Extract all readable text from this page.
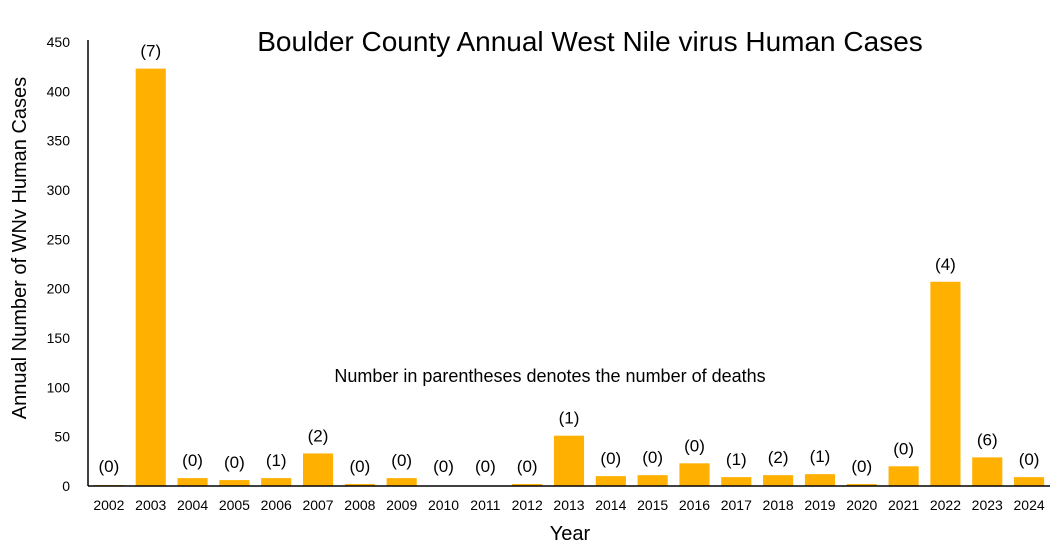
0
50
100
150
200
250
300
350
400
450
(0)
(7)
(0) (0) (1)
(2)
(0) (0) (0) (0) (0)
(1)
(0) (0)
(0)
(1) (2) (1)
(0)
(0)
(4)
(6)
(0)
2002 2003 2004 2005 2006 2007 2008 2009 2010 2011 2012 2013 2014 2015 2016 2017 2018 2019 2020 2021 2022 2023 2024
Boulder County Annual West Nile virus Human Cases
Number in parentheses denotes the number of deaths
Annual Number of WNv Human Cases
Year
